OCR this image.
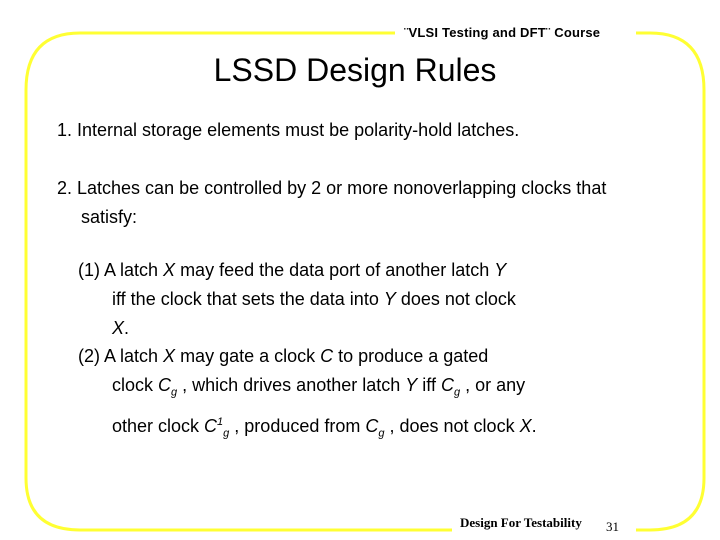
¨VLSI Testing and DFT¨ Course
LSSD Design Rules
1. Internal storage elements must be polarity-hold latches.
2. Latches can be controlled by 2 or more nonoverlapping clocks that
satisfy:
(1) A latch X may feed the data port of another latch Y
iff the clock that sets the data into Y does not clock
X.
(2) A latch X may gate a clock C to produce a gated
clock $C_g$ , which drives another latch Y iff $C_g$ , or any
other clock $C^1_g$ , produced from $C_g$ , does not clock X.
Design For Testability 31
